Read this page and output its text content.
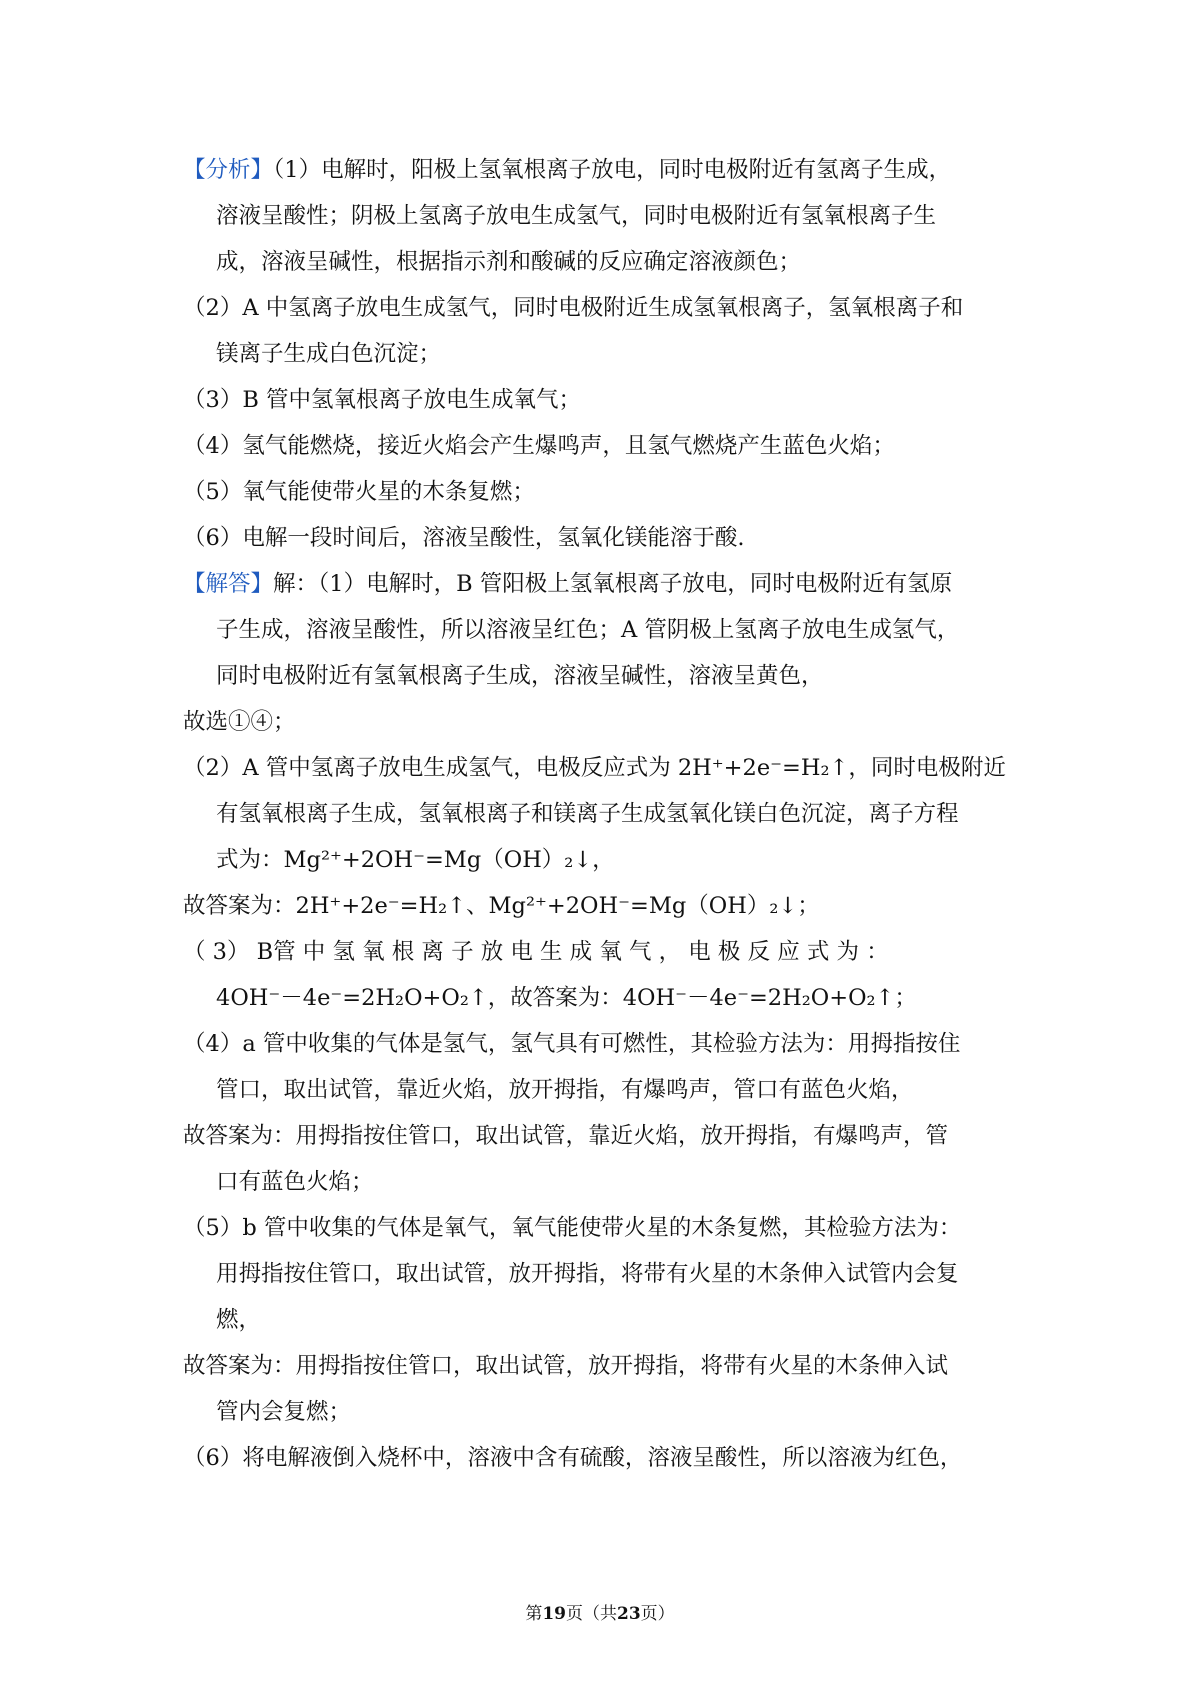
【分析】（1）电解时，阳极上氢氧根离子放电，同时电极附近有氢离子生成，
溶液呈酸性；阴极上氢离子放电生成氢气，同时电极附近有氢氧根离子生
成，溶液呈碱性，根据指示剂和酸碱的反应确定溶液颜色；
（2）A 中氢离子放电生成氢气，同时电极附近生成氢氧根离子，氢氧根离子和
镁离子生成白色沉淀；
（3）B 管中氢氧根离子放电生成氧气；
（4）氢气能燃烧，接近火焰会产生爆鸣声，且氢气燃烧产生蓝色火焰；
（5）氧气能使带火星的木条复燃；
（6）电解一段时间后，溶液呈酸性，氢氧化镁能溶于酸.
【解答】解：（1）电解时，B 管阳极上氢氧根离子放电，同时电极附近有氢原
子生成，溶液呈酸性，所以溶液呈红色；A 管阴极上氢离子放电生成氢气，
同时电极附近有氢氧根离子生成，溶液呈碱性，溶液呈黄色，
故选①④；
（2）A 管中氢离子放电生成氢气，电极反应式为 2H⁺+2e⁻=H₂↑，同时电极附近
有氢氧根离子生成，氢氧根离子和镁离子生成氢氧化镁白色沉淀，离子方程
式为：Mg²⁺+2OH⁻=Mg（OH）₂↓，
故答案为：2H⁺+2e⁻=H₂↑、Mg²⁺+2OH⁻=Mg（OH）₂↓；
（ 3） B管 中 氢 氧 根 离 子 放 电 生 成 氧 气 ， 电 极 反 应 式 为 ：
4OH⁻－4e⁻=2H₂O+O₂↑，故答案为：4OH⁻－4e⁻=2H₂O+O₂↑；
（4）a 管中收集的气体是氢气，氢气具有可燃性，其检验方法为：用拇指按住
管口，取出试管，靠近火焰，放开拇指，有爆鸣声，管口有蓝色火焰，
故答案为：用拇指按住管口，取出试管，靠近火焰，放开拇指，有爆鸣声，管
口有蓝色火焰；
（5）b 管中收集的气体是氧气，氧气能使带火星的木条复燃，其检验方法为：
用拇指按住管口，取出试管，放开拇指，将带有火星的木条伸入试管内会复
燃，
故答案为：用拇指按住管口，取出试管，放开拇指，将带有火星的木条伸入试
管内会复燃；
（6）将电解液倒入烧杯中，溶液中含有硫酸，溶液呈酸性，所以溶液为红色，
第19页（共23页）
